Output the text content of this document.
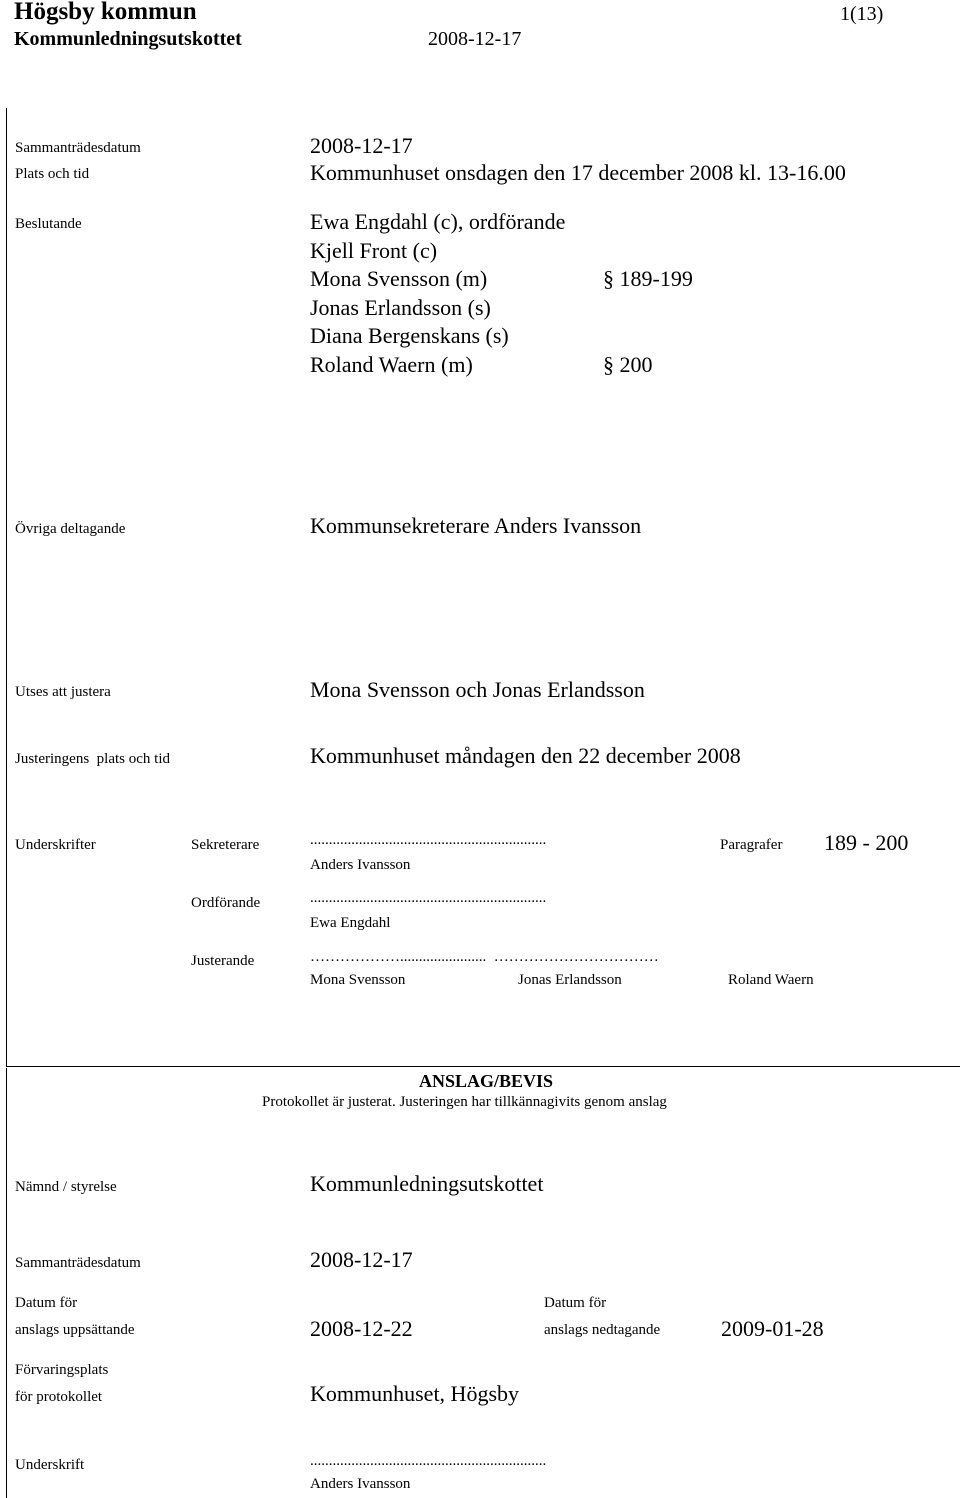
Högsby kommun	1(13)
Kommunledningsutskottet	2008-12-17
Sammanträdesdatum	2008-12-17
Plats och tid	Kommunhuset onsdagen den 17 december 2008 kl. 13-16.00
Beslutande	Ewa Engdahl (c), ordförande
Kjell Front (c)
Mona Svensson (m)	§ 189-199
Jonas Erlandsson (s)
Diana Bergenskans (s)
Roland Waern (m)	§ 200
Övriga deltagande	Kommunsekreterare Anders Ivansson
Utses att justera	Mona Svensson och Jonas Erlandsson
Justeringens  plats och tid	Kommunhuset måndagen den 22 december 2008
Underskrifter	Sekreterare	...............................................................
Anders Ivansson
Paragrafer 189 - 200
Ordförande	...............................................................
Ewa Engdahl
Justerande	……………….......................  ……………………………
Mona Svensson	Jonas Erlandsson	Roland Waern
ANSLAG/BEVIS
Protokollet är justerat. Justeringen har tillkännagivits genom anslag
Nämnd / styrelse	Kommunledningsutskottet
Sammanträdesdatum	2008-12-17
Datum för
anslags uppsättande	2008-12-22
Datum för
anslags nedtagande	2009-01-28
Förvaringsplats
för protokollet	Kommunhuset, Högsby
Underskrift	...............................................................
Anders Ivansson
